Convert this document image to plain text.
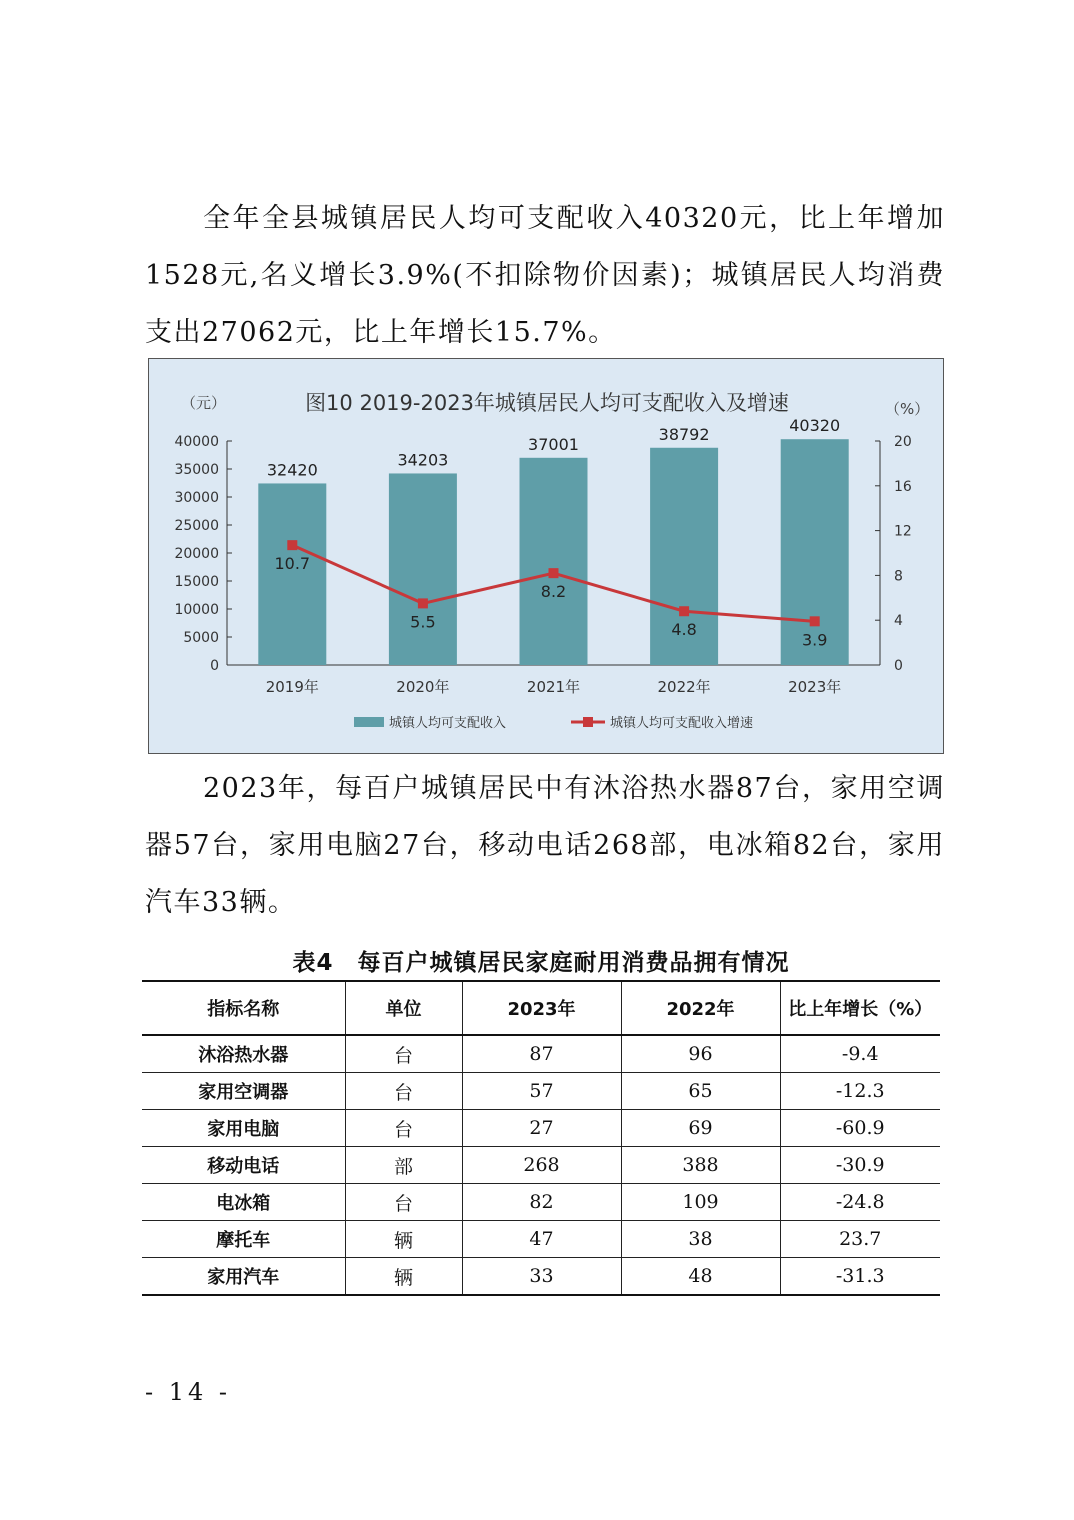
全年全县城镇居民人均可支配收入40320元，比上年增加1528元,名义增长3.9%(不扣除物价因素)；城镇居民人均消费支出27062元，比上年增长15.7%。

图10 2019-2023年城镇居民人均可支配收入及增速
（元）	（%）
0
5000
10000
15000
20000
25000
30000
35000
40000
0
4
8
12
16
20
32420
34203
37001
38792	40320
2019年	2020年	2021年	2022年	2023年
10.7
5.5
8.2
4.8
3.9
城镇人均可支配收入	城镇人均可支配收入增速

2023年，每百户城镇居民中有沐浴热水器87台，家用空调器57台，家用电脑27台，移动电话268部，电冰箱82台，家用汽车33辆。

表4　每百户城镇居民家庭耐用消费品拥有情况

指标名称	单位	2023年	2022年	比上年增长（%）
沐浴热水器	台	87	96	-9.4
家用空调器	台	57	65	-12.3
家用电脑	台	27	69	-60.9
移动电话	部	268	388	-30.9
电冰箱	台	82	109	-24.8
摩托车	辆	47	38	23.7
家用汽车	辆	33	48	-31.3

- 14 -
